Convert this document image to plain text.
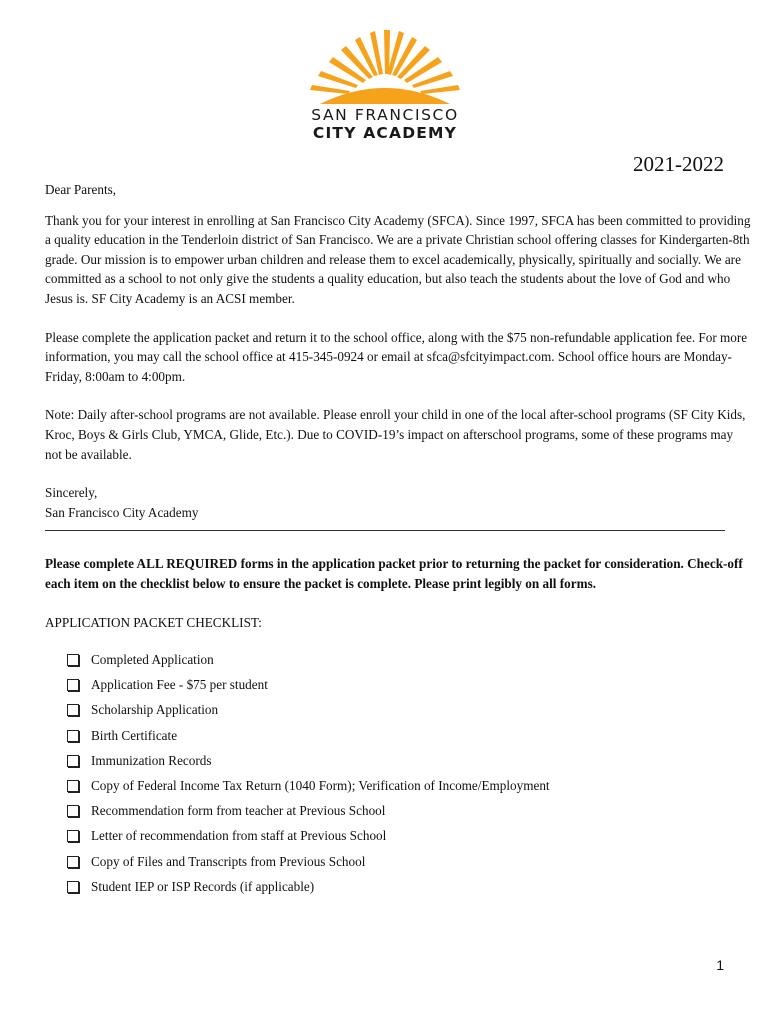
SAN FRANCISCO
CITY ACADEMY
2021-2022

Dear Parents,

Thank you for your interest in enrolling at San Francisco City Academy (SFCA). Since 1997, SFCA has been committed to providing a quality education in the Tenderloin district of San Francisco. We are a private Christian school offering classes for Kindergarten-8th grade. Our mission is to empower urban children and release them to excel academically, physically, spiritually and socially. We are committed as a school to not only give the students a quality education, but also teach the students about the love of God and who Jesus is. SF City Academy is an ACSI member.

Please complete the application packet and return it to the school office, along with the $75 non-refundable application fee. For more information, you may call the school office at 415-345-0924 or email at sfca@sfcityimpact.com. School office hours are Monday-Friday, 8:00am to 4:00pm.

Note: Daily after-school programs are not available. Please enroll your child in one of the local after-school programs (SF City Kids, Kroc, Boys & Girls Club, YMCA, Glide, Etc.). Due to COVID-19’s impact on afterschool programs, some of these programs may not be available.

Sincerely,

San Francisco City Academy

Please complete ALL REQUIRED forms in the application packet prior to returning the packet for consideration. Check-off each item on the checklist below to ensure the packet is complete. Please print legibly on all forms.

APPLICATION PACKET CHECKLIST:

Completed Application
Application Fee - $75 per student
Scholarship Application
Birth Certificate
Immunization Records
Copy of Federal Income Tax Return (1040 Form); Verification of Income/Employment
Recommendation form from teacher at Previous School
Letter of recommendation from staff at Previous School
Copy of Files and Transcripts from Previous School
Student IEP or ISP Records (if applicable)
1
